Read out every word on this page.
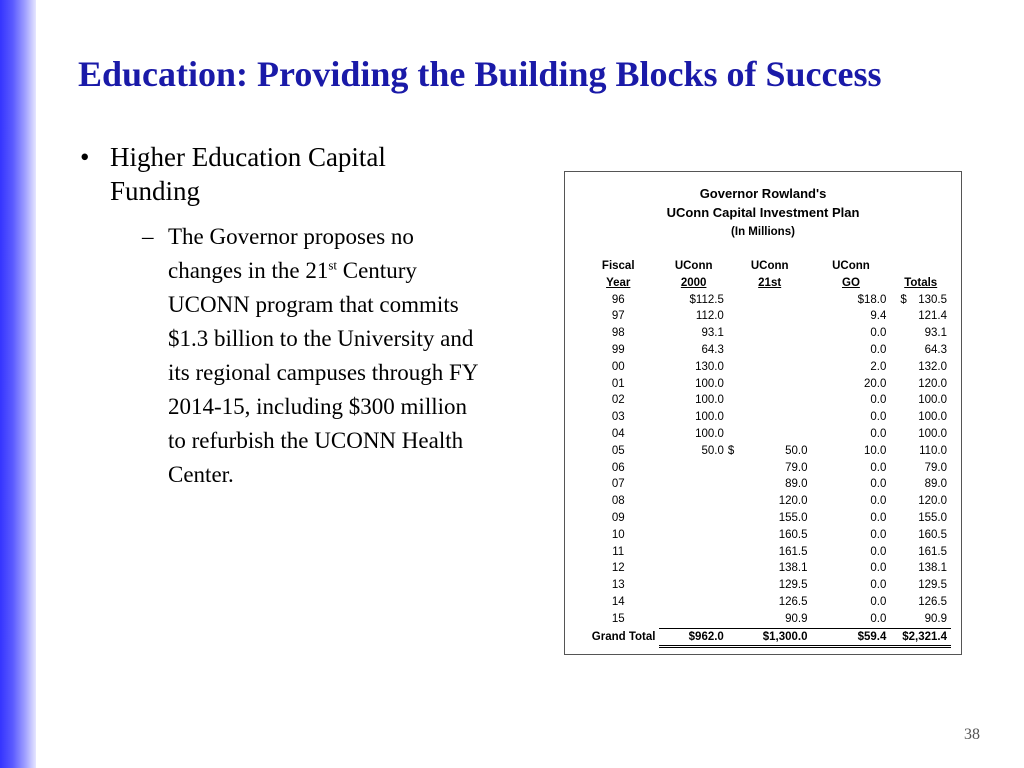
Education: Providing the Building Blocks of Success
• Higher Education Capital Funding
– The Governor proposes no changes in the 21st Century UCONN program that commits $1.3 billion to the University and its regional campuses through FY 2014-15, including $300 million to refurbish the UCONN Health Center.
Governor Rowland's
UConn Capital Investment Plan
(In Millions)
Fiscal	UConn	UConn	UConn	
Year	2000	21st	GO	Totals
96	$112.5		$18.0	$ 130.5

97	112.0		9.4	121.4
98	93.1		0.0	93.1
99	64.3		0.0	64.3
00	130.0		2.0	132.0
01	100.0		20.0	120.0
02	100.0		0.0	100.0
03	100.0		0.0	100.0
04	100.0		0.0	100.0
05	50.0	$ 50.0	10.0	110.0
06		79.0	0.0	79.0
07		89.0	0.0	89.0
08		120.0	0.0	120.0
09		155.0	0.0	155.0
10		160.5	0.0	160.5
11		161.5	0.0	161.5
12		138.1	0.0	138.1
13		129.5	0.0	129.5
14		126.5	0.0	126.5
15		90.9	0.0	90.9
Grand Total	$962.0	$1,300.0	$59.4	$2,321.4
38
